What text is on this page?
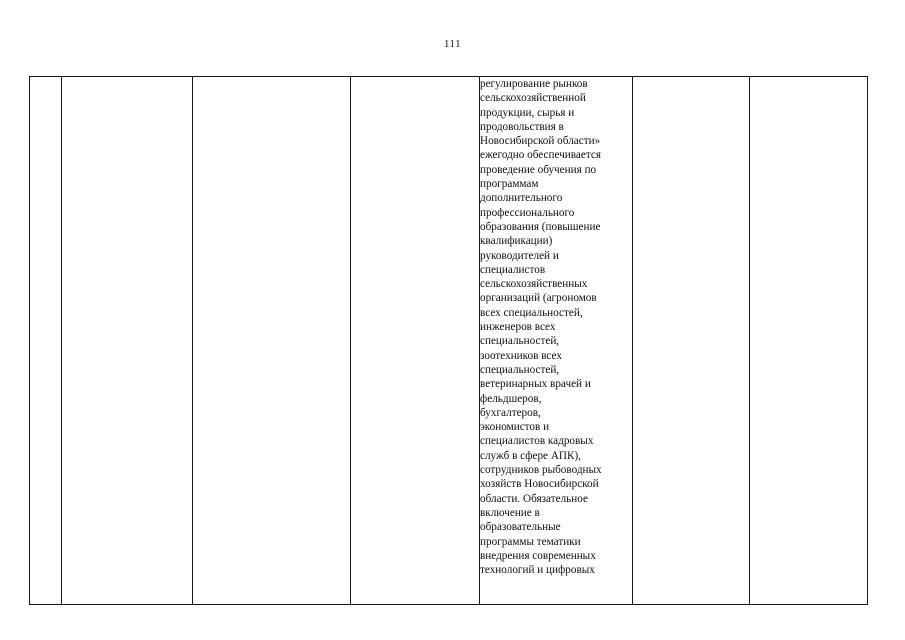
111

регулирование рынков
сельскохозяйственной
продукции, сырья и
продовольствия в
Новосибирской области»
ежегодно обеспечивается
проведение обучения по
программам
дополнительного
профессионального
образования (повышение
квалификации)
руководителей и
специалистов
сельскохозяйственных
организаций (агрономов
всех специальностей,
инженеров всех
специальностей,
зоотехников всех
специальностей,
ветеринарных врачей и
фельдшеров,
бухгалтеров,
экономистов и
специалистов кадровых
служб в сфере АПК),
сотрудников рыбоводных
хозяйств Новосибирской
области. Обязательное
включение в
образовательные
программы тематики
внедрения современных
технологий и цифровых
